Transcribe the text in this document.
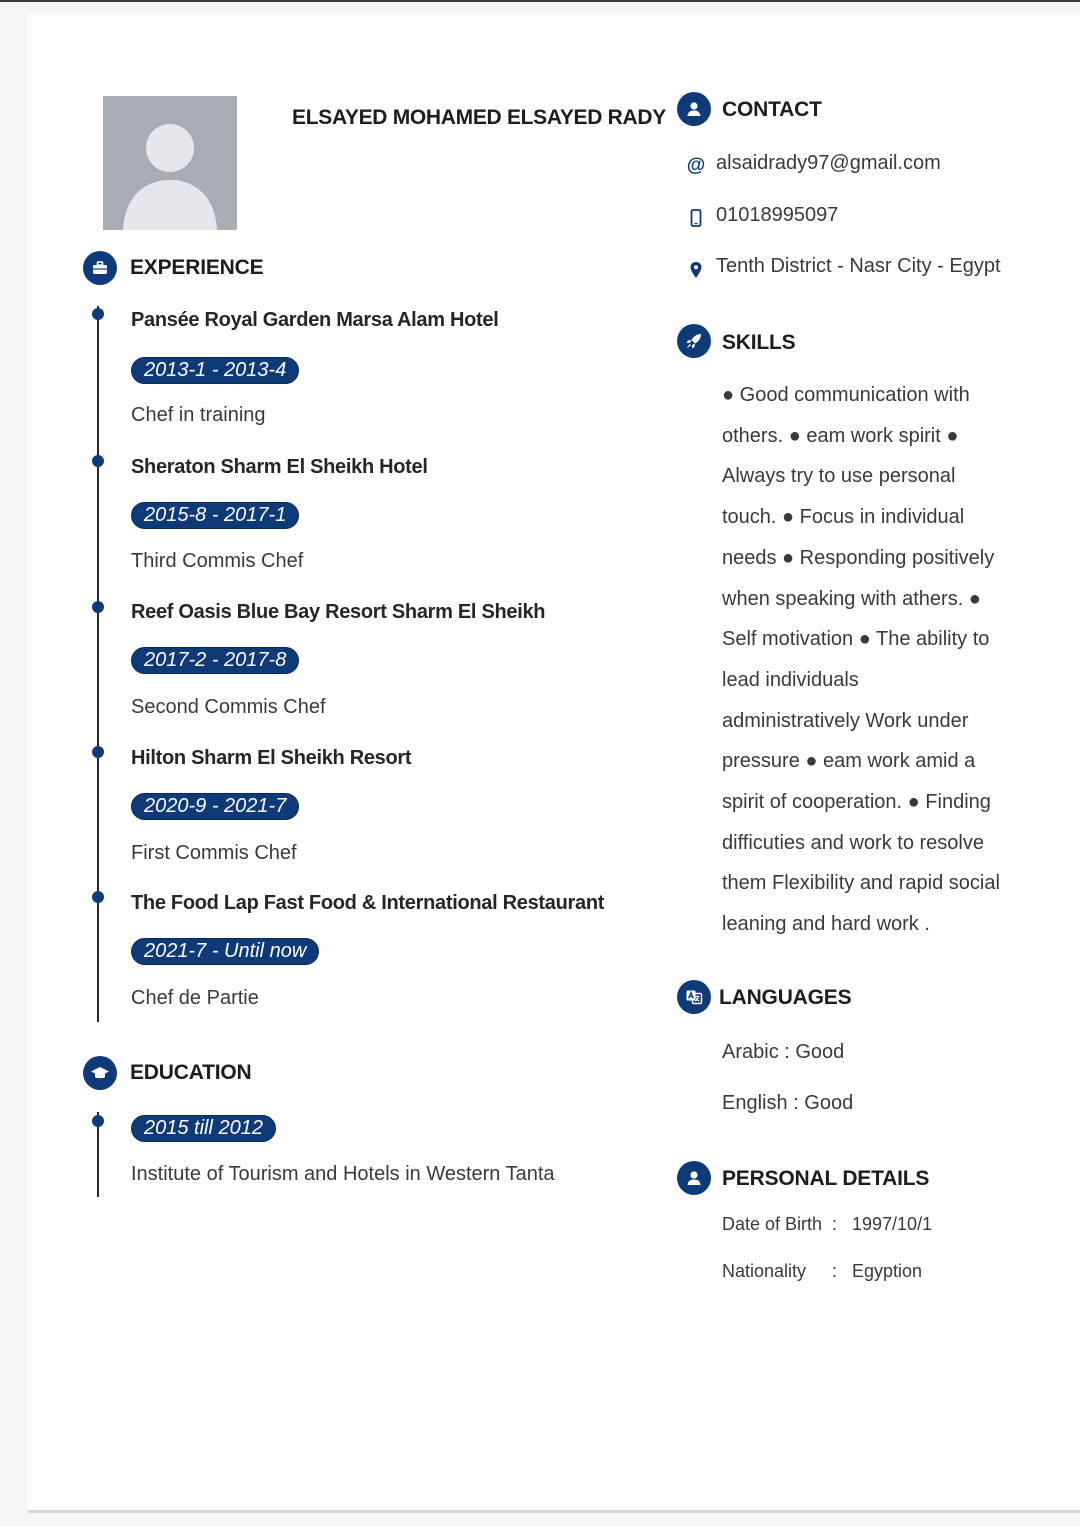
ELSAYED MOHAMED ELSAYED RADY
EXPERIENCE
Pansée Royal Garden Marsa Alam Hotel
2013-1 - 2013-4
Chef in training
Sheraton Sharm El Sheikh Hotel
2015-8 - 2017-1
Third Commis Chef
Reef Oasis Blue Bay Resort Sharm El Sheikh
2017-2 - 2017-8
Second Commis Chef
Hilton Sharm El Sheikh Resort
2020-9 - 2021-7
First Commis Chef
The Food Lap Fast Food & International Restaurant
2021-7 - Until now
Chef de Partie
EDUCATION
2015 till 2012
Institute of Tourism and Hotels in Western Tanta
CONTACT
@ alsaidrady97@gmail.com
01018995097
Tenth District - Nasr City - Egypt
SKILLS
● Good communication with
others. ● eam work spirit ●
Always try to use personal
touch. ● Focus in individual
needs ● Responding positively
when speaking with athers. ●
Self motivation ● The ability to
lead individuals
administratively Work under
pressure ● eam work amid a
spirit of cooperation. ● Finding
difficuties and work to resolve
them Flexibility and rapid social
leaning and hard work .
LANGUAGES
Arabic : Good
English : Good
PERSONAL DETAILS
Date of Birth : 1997/10/1
Nationality : Egyption
